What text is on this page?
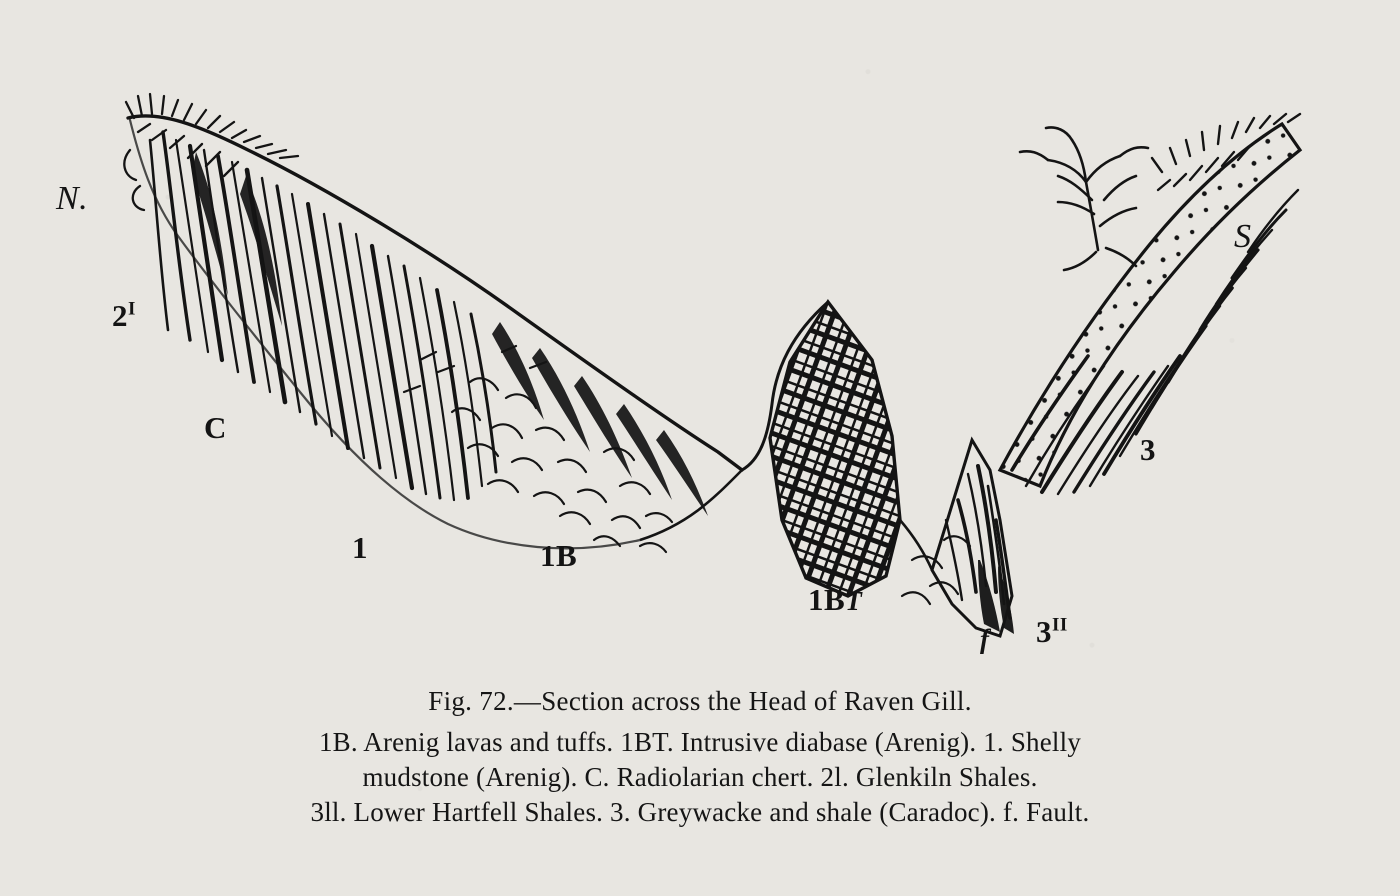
N.
S.
$2^I$
C
1	1B
1BT
3
$3^{II}$
f
Fig. 72.—Section across the Head of Raven Gill.
1B. Arenig lavas and tuffs. 1BT. Intrusive diabase (Arenig). 1. Shelly
mudstone (Arenig). C. Radiolarian chert. 2l. Glenkiln Shales.
3ll. Lower Hartfell Shales. 3. Greywacke and shale (Caradoc). f. Fault.
